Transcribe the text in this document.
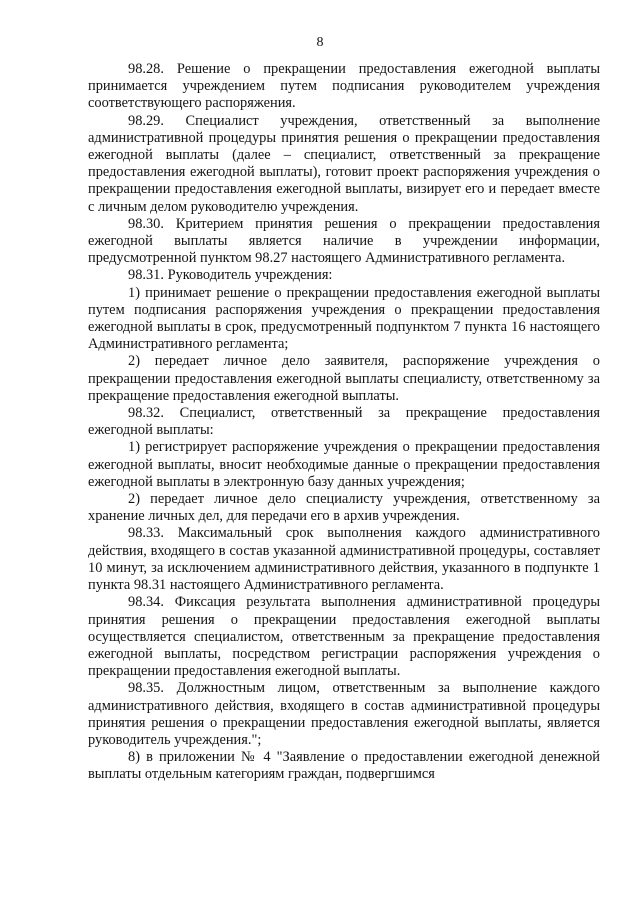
8

98.28. Решение о прекращении предоставления ежегодной выплаты принимается учреждением путем подписания руководителем учреждения соответствующего распоряжения.

98.29. Специалист учреждения, ответственный за выполнение административной процедуры принятия решения о прекращении предоставления ежегодной выплаты (далее – специалист, ответственный за прекращение предоставления ежегодной выплаты), готовит проект распоряжения учреждения о прекращении предоставления ежегодной выплаты, визирует его и передает вместе с личным делом руководителю учреждения.

98.30. Критерием принятия решения о прекращении предоставления ежегодной выплаты является наличие в учреждении информации, предусмотренной пунктом 98.27 настоящего Административного регламента.

98.31. Руководитель учреждения:

1) принимает решение о прекращении предоставления ежегодной выплаты путем подписания распоряжения учреждения о прекращении предоставления ежегодной выплаты в срок, предусмотренный подпунктом 7 пункта 16 настоящего Административного регламента;

2) передает личное дело заявителя, распоряжение учреждения о прекращении предоставления ежегодной выплаты специалисту, ответственному за прекращение предоставления ежегодной выплаты.

98.32. Специалист, ответственный за прекращение предоставления ежегодной выплаты:

1) регистрирует распоряжение учреждения о прекращении предоставления ежегодной выплаты, вносит необходимые данные о прекращении предоставления ежегодной выплаты в электронную базу данных учреждения;

2) передает личное дело специалисту учреждения, ответственному за хранение личных дел, для передачи его в архив учреждения.

98.33. Максимальный срок выполнения каждого административного действия, входящего в состав указанной административной процедуры, составляет 10 минут, за исключением административного действия, указанного в подпункте 1 пункта 98.31 настоящего Административного регламента.

98.34. Фиксация результата выполнения административной процедуры принятия решения о прекращении предоставления ежегодной выплаты осуществляется специалистом, ответственным за прекращение предоставления ежегодной выплаты, посредством регистрации распоряжения учреждения о прекращении предоставления ежегодной выплаты.

98.35. Должностным лицом, ответственным за выполнение каждого административного действия, входящего в состав административной процедуры принятия решения о прекращении предоставления ежегодной выплаты, является руководитель учреждения.";

8) в приложении № 4 "Заявление о предоставлении ежегодной денежной выплаты отдельным категориям граждан, подвергшимся
